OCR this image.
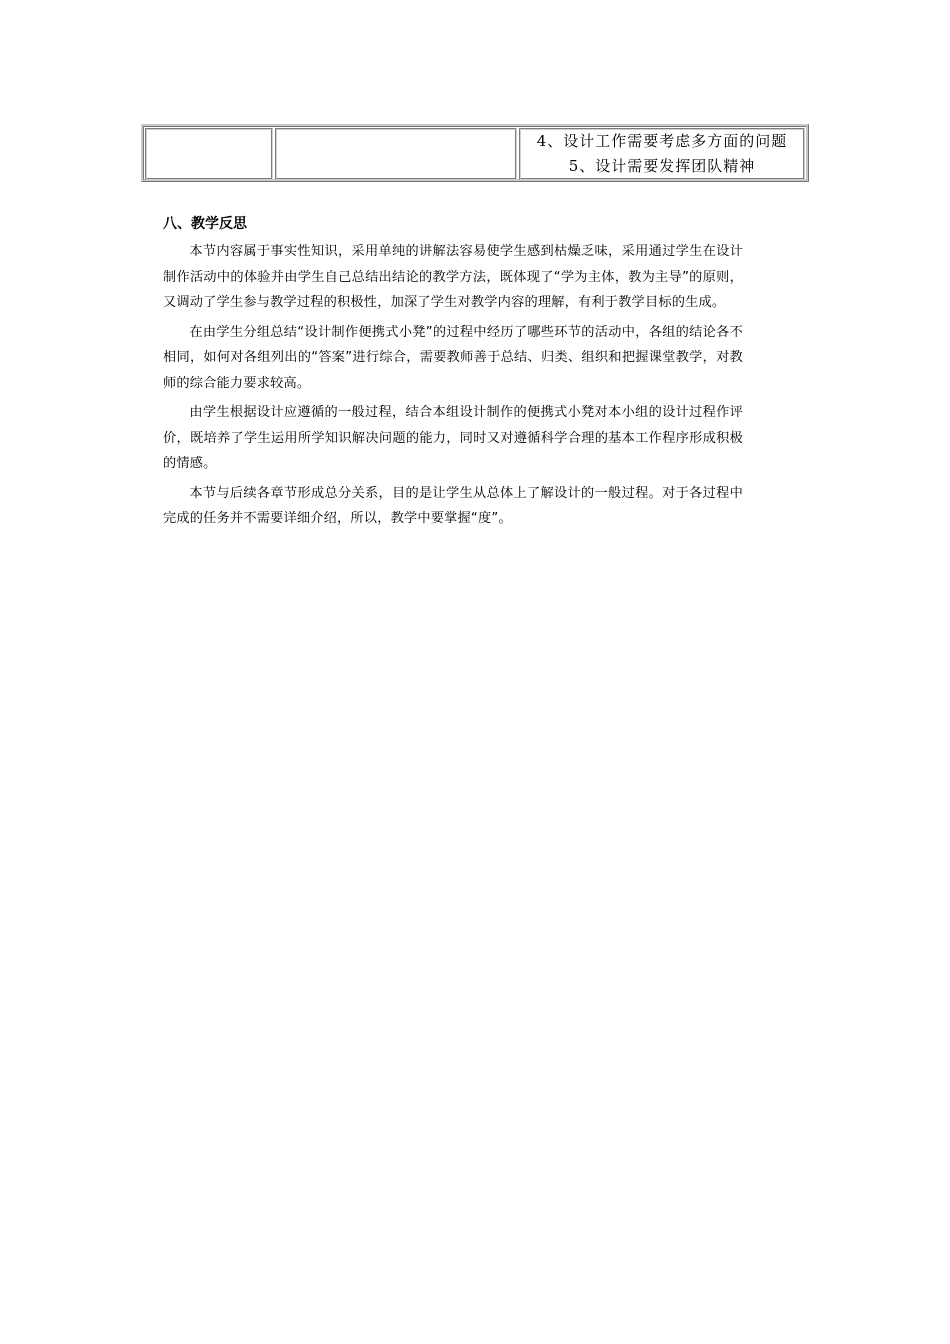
4、设计工作需要考虑多方面的问题
5、设计需要发挥团队精神
八、教学反思

本节内容属于事实性知识，采用单纯的讲解法容易使学生感到枯燥乏味，采用通过学生在设计制作活动中的体验并由学生自己总结出结论的教学方法，既体现了“学为主体，教为主导”的原则，又调动了学生参与教学过程的积极性，加深了学生对教学内容的理解，有利于教学目标的生成。

在由学生分组总结“设计制作便携式小凳”的过程中经历了哪些环节的活动中，各组的结论各不相同，如何对各组列出的“答案”进行综合，需要教师善于总结、归类、组织和把握课堂教学，对教师的综合能力要求较高。

由学生根据设计应遵循的一般过程，结合本组设计制作的便携式小凳对本小组的设计过程作评价，既培养了学生运用所学知识解决问题的能力，同时又对遵循科学合理的基本工作程序形成积极的情感。

本节与后续各章节形成总分关系，目的是让学生从总体上了解设计的一般过程。对于各过程中完成的任务并不需要详细介绍，所以，教学中要掌握“度”。
